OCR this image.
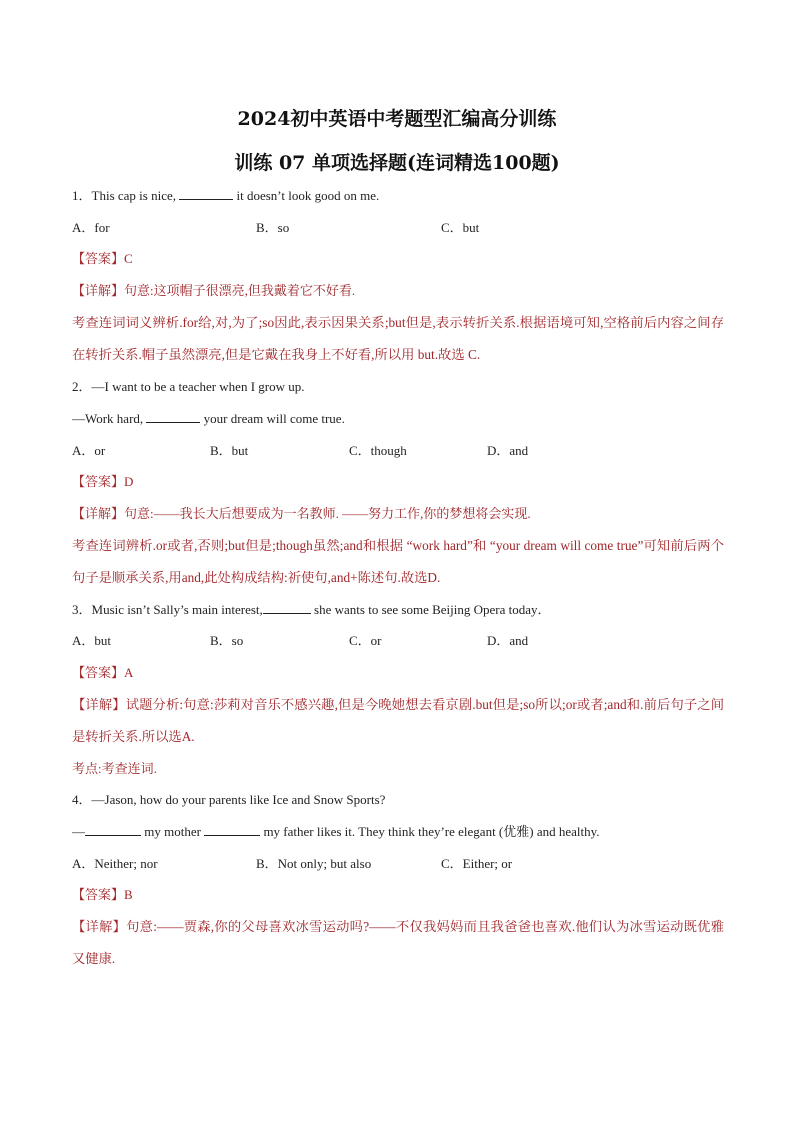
2024初中英语中考题型汇编高分训练
训练 07 单项选择题(连词精选100题)
1．This cap is nice,	it doesn’t look good on me.
A．for	B．so	C．but
【答案】C
【详解】句意:这项帽子很漂亮,但我戴着它不好看.
考查连词词义辨析.for给,对,为了;so因此,表示因果关系;but但是,表示转折关系.根据语境可知,空格前后内容之间存在转折关系.帽子虽然漂亮,但是它戴在我身上不好看,所以用 but.故选 C.
2．—I want to be a teacher when I grow up.
—Work hard,	your dream will come true.
A．or	B．but	C．though	D．and
【答案】D
【详解】句意:——我长大后想要成为一名教师. ——努力工作,你的梦想将会实现.
考查连词辨析.or或者,否则;but但是;though虽然;and和根据 “work hard”和 “your dream will come true”可知前后两个句子是顺承关系,用and,此处构成结构:祈使句,and+陈述句.故选D.
3．Music isn’t Sally’s main interest,	she wants to see some Beijing Opera today．
A．but	B．so	C．or	D．and
【答案】A
【详解】试题分析:句意:莎莉对音乐不感兴趣,但是今晚她想去看京剧.but但是;so所以;or或者;and和.前后句子之间是转折关系.所以选A.
考点:考查连词.
4．—Jason, how do your parents like Ice and Snow Sports?
—	my mother	my father likes it. They think they’re elegant (优雅) and healthy.
A．Neither; nor	B．Not only; but also	C．Either; or
【答案】B
【详解】句意:——贾森,你的父母喜欢冰雪运动吗?——不仅我妈妈而且我爸爸也喜欢.他们认为冰雪运动既优雅又健康.
